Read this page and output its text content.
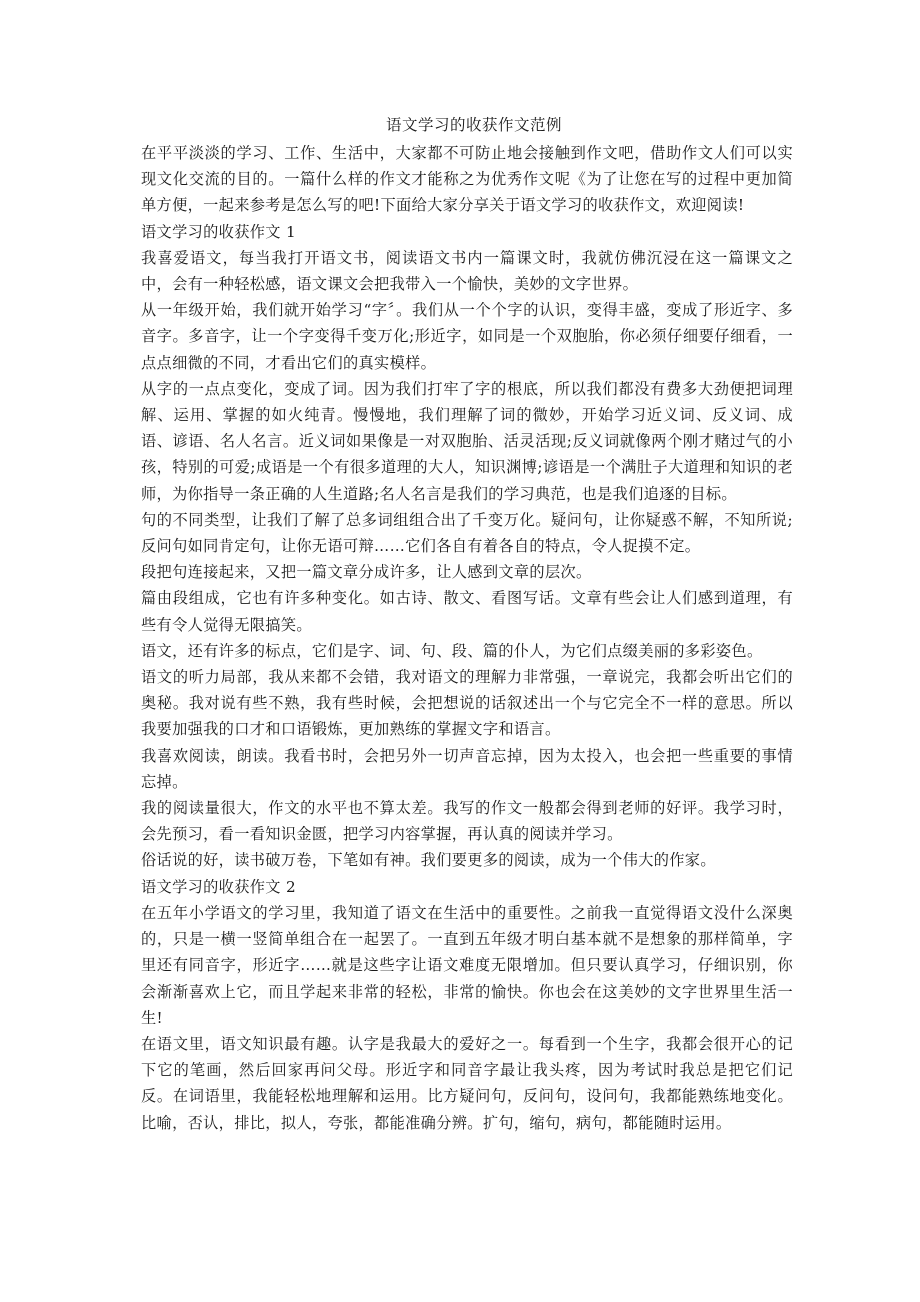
语文学习的收获作文范例

在平平淡淡的学习、工作、生活中，大家都不可防止地会接触到作文吧，借助作文人们可以实现文化交流的目的。一篇什么样的作文才能称之为优秀作文呢《为了让您在写的过程中更加简单方便，一起来参考是怎么写的吧!下面给大家分享关于语文学习的收获作文，欢迎阅读!

语文学习的收获作文 1

我喜爱语文，每当我打开语文书，阅读语文书内一篇课文时，我就仿佛沉浸在这一篇课文之中，会有一种轻松感，语文课文会把我带入一个愉快，美妙的文字世界。

从一年级开始，我们就开始学习“字〞。我们从一个个字的认识，变得丰盛，变成了形近字、多音字。多音字，让一个字变得千变万化;形近字，如同是一个双胞胎，你必须仔细要仔细看，一点点细微的不同，才看出它们的真实模样。

从字的一点点变化，变成了词。因为我们打牢了字的根底，所以我们都没有费多大劲便把词理解、运用、掌握的如火纯青。慢慢地，我们理解了词的微妙，开始学习近义词、反义词、成语、谚语、名人名言。近义词如果像是一对双胞胎、活灵活现;反义词就像两个刚才赌过气的小孩，特别的可爱;成语是一个有很多道理的大人，知识渊博;谚语是一个满肚子大道理和知识的老师，为你指导一条正确的人生道路;名人名言是我们的学习典范，也是我们追逐的目标。

句的不同类型，让我们了解了总多词组组合出了千变万化。疑问句，让你疑惑不解，不知所说;反问句如同肯定句，让你无语可辩……它们各自有着各自的特点，令人捉摸不定。

段把句连接起来，又把一篇文章分成许多，让人感到文章的层次。

篇由段组成，它也有许多种变化。如古诗、散文、看图写话。文章有些会让人们感到道理，有些有令人觉得无限搞笑。

语文，还有许多的标点，它们是字、词、句、段、篇的仆人，为它们点缀美丽的多彩姿色。

语文的听力局部，我从来都不会错，我对语文的理解力非常强，一章说完，我都会听出它们的奥秘。我对说有些不熟，我有些时候，会把想说的话叙述出一个与它完全不一样的意思。所以我要加强我的口才和口语锻炼，更加熟练的掌握文字和语言。

我喜欢阅读，朗读。我看书时，会把另外一切声音忘掉，因为太投入，也会把一些重要的事情忘掉。

我的阅读量很大，作文的水平也不算太差。我写的作文一般都会得到老师的好评。我学习时，会先预习，看一看知识金匮，把学习内容掌握，再认真的阅读并学习。

俗话说的好，读书破万卷，下笔如有神。我们要更多的阅读，成为一个伟大的作家。

语文学习的收获作文 2

在五年小学语文的学习里，我知道了语文在生活中的重要性。之前我一直觉得语文没什么深奥的，只是一横一竖简单组合在一起罢了。一直到五年级才明白基本就不是想象的那样简单，字里还有同音字，形近字……就是这些字让语文难度无限增加。但只要认真学习，仔细识别，你会渐渐喜欢上它，而且学起来非常的轻松，非常的愉快。你也会在这美妙的文字世界里生活一生!

在语文里，语文知识最有趣。认字是我最大的爱好之一。每看到一个生字，我都会很开心的记下它的笔画，然后回家再问父母。形近字和同音字最让我头疼，因为考试时我总是把它们记反。在词语里，我能轻松地理解和运用。比方疑问句，反问句，设问句，我都能熟练地变化。比喻，否认，排比，拟人，夸张，都能准确分辨。扩句，缩句，病句，都能随时运用。
